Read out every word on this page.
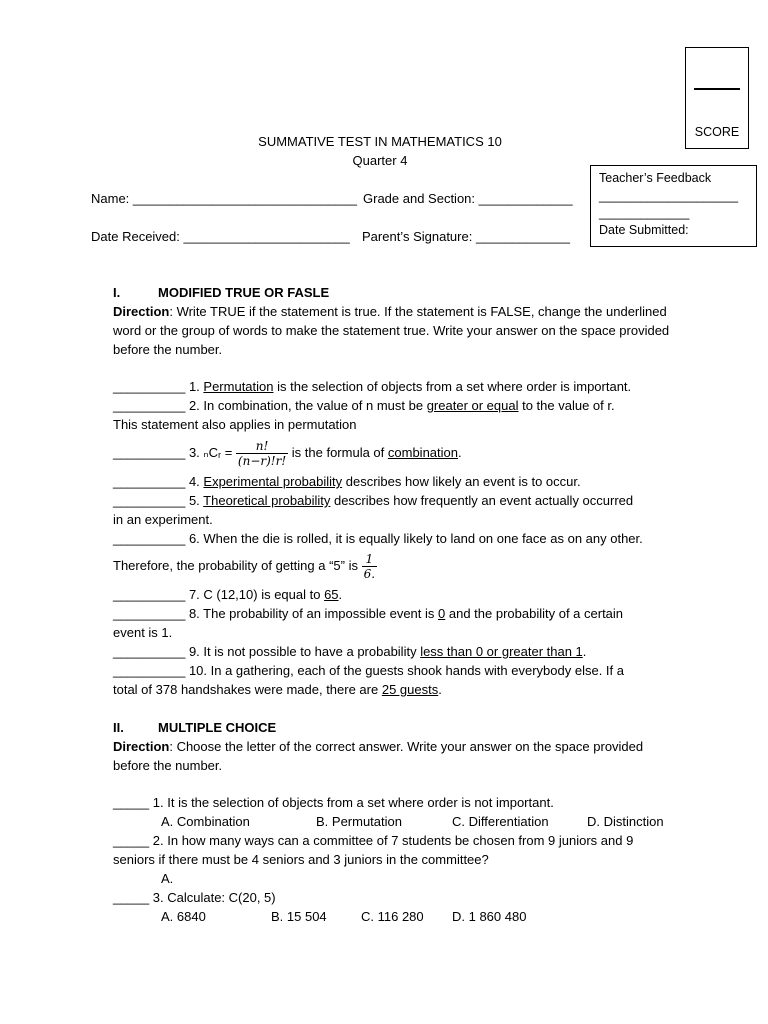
SCORE
Teacher’s Feedback
____________________
_____________
Date Submitted:
SUMMATIVE TEST IN MATHEMATICS 10
Quarter 4
Name: _______________________________ Grade and Section: _____________
Date Received: _______________________ Parent’s Signature: _____________
I.	MODIFIED TRUE OR FASLE
Direction: Write TRUE if the statement is true. If the statement is FALSE, change the underlined word or the group of words to make the statement true. Write your answer on the space provided before the number.
__________ 1. Permutation is the selection of objects from a set where order is important.
__________ 2. In combination, the value of n must be greater or equal to the value of r.
This statement also applies in permutation
__________ 3. ₙCᵣ = $\frac{n!}{(n-r)!r!}$ is the formula of combination.
__________ 4. Experimental probability describes how likely an event is to occur.
__________ 5. Theoretical probability describes how frequently an event actually occurred
in an experiment.
__________ 6. When the die is rolled, it is equally likely to land on one face as on any other.
Therefore, the probability of getting a “5” is $\frac{1}{6.}$
__________ 7. C (12,10) is equal to 65.
__________ 8. The probability of an impossible event is 0 and the probability of a certain
event is 1.
__________ 9. It is not possible to have a probability less than 0 or greater than 1.
__________ 10. In a gathering, each of the guests shook hands with everybody else. If a
total of 378 handshakes were made, there are 25 guests.
II.	MULTIPLE CHOICE
Direction: Choose the letter of the correct answer. Write your answer on the space provided before the number.
_____ 1. It is the selection of objects from a set where order is not important.
A. Combination	B. Permutation	C. Differentiation	D. Distinction
_____ 2. In how many ways can a committee of 7 students be chosen from 9 juniors and 9
seniors if there must be 4 seniors and 3 juniors in the committee?
A.
_____ 3. Calculate: C(20, 5)
A. 6840	B. 15 504	C. 116 280 D. 1 860 480
